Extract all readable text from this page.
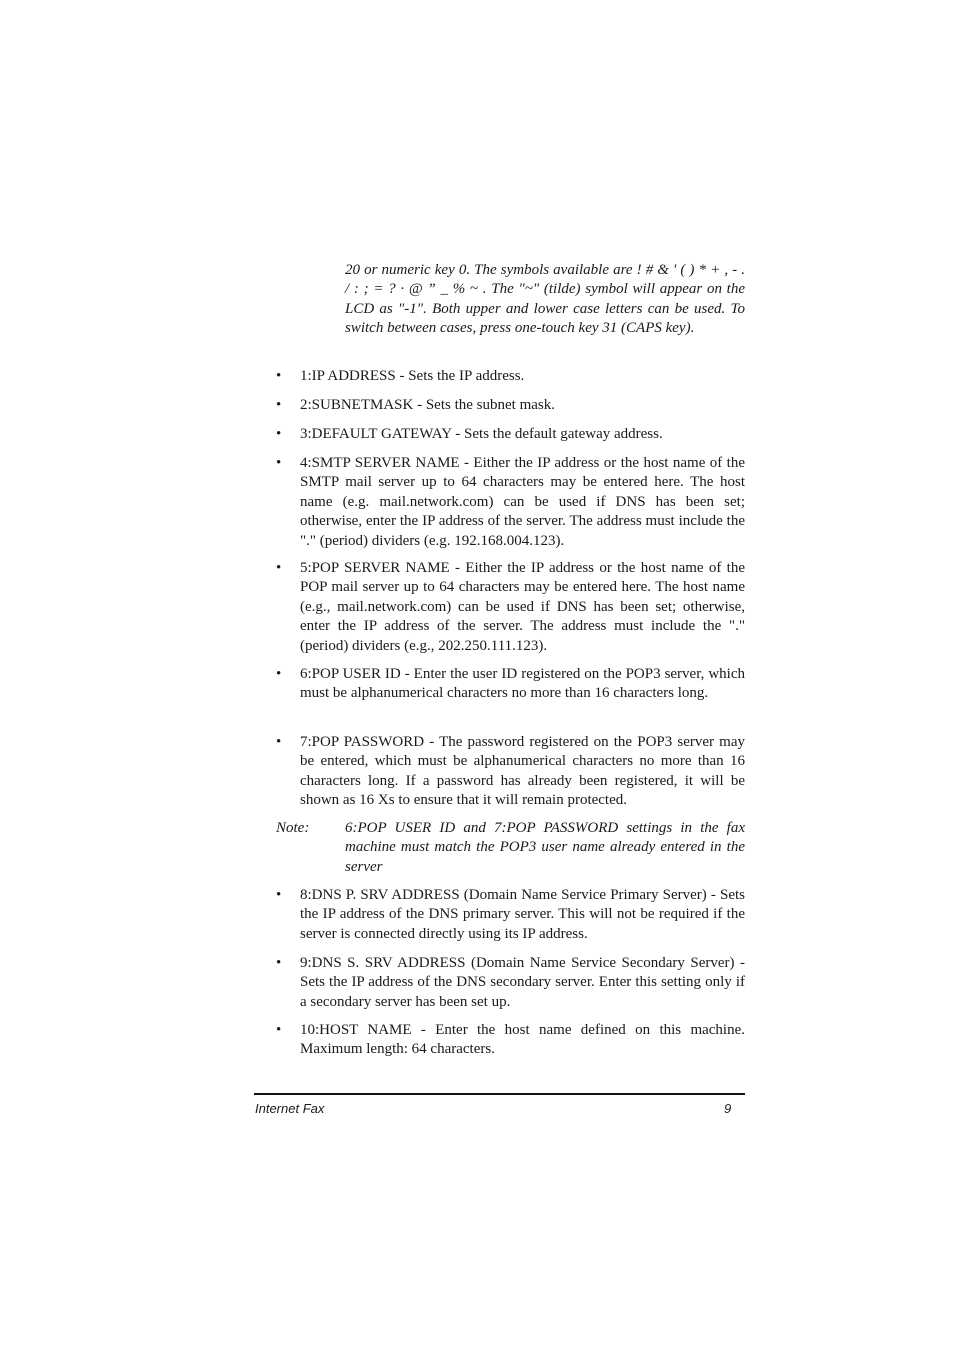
20 or numeric key 0. The symbols available are ! # & ' ( ) * + , - . / : ; = ? · @ ” _ % ~ . The "~" (tilde) symbol will appear on the LCD as "-1". Both upper and lower case letters can be used. To switch between cases, press one-touch key 31 (CAPS key).

•	1:IP ADDRESS - Sets the IP address.
•	2:SUBNETMASK - Sets the subnet mask.
•	3:DEFAULT GATEWAY - Sets the default gateway address.
•	4:SMTP SERVER NAME - Either the IP address or the host name of the SMTP mail server up to 64 characters may be entered here. The host name (e.g. mail.network.com) can be used if DNS has been set; otherwise, enter the IP address of the server. The address must include the "." (period) dividers (e.g. 192.168.004.123).
•	5:POP SERVER NAME - Either the IP address or the host name of the POP mail server up to 64 characters may be entered here. The host name (e.g., mail.network.com) can be used if DNS has been set; otherwise, enter the IP address of the server. The address must include the "." (period) dividers (e.g., 202.250.111.123).
•	6:POP USER ID - Enter the user ID registered on the POP3 server, which must be alphanumerical characters no more than 16 characters long.
•	7:POP PASSWORD - The password registered on the POP3 server may be entered, which must be alphanumerical characters no more than 16 characters long. If a password has already been registered, it will be shown as 16 Xs to ensure that it will remain protected.
Note: 6:POP USER ID and 7:POP PASSWORD settings in the fax machine must match the POP3 user name already entered in the server
•	8:DNS P. SRV ADDRESS (Domain Name Service Primary Server) - Sets the IP address of the DNS primary server. This will not be required if the server is connected directly using its IP address.
•	9:DNS S. SRV ADDRESS (Domain Name Service Secondary Server) - Sets the IP address of the DNS secondary server. Enter this setting only if a secondary server has been set up.
•	10:HOST NAME - Enter the host name defined on this machine. Maximum length: 64 characters.
Internet Fax	9
